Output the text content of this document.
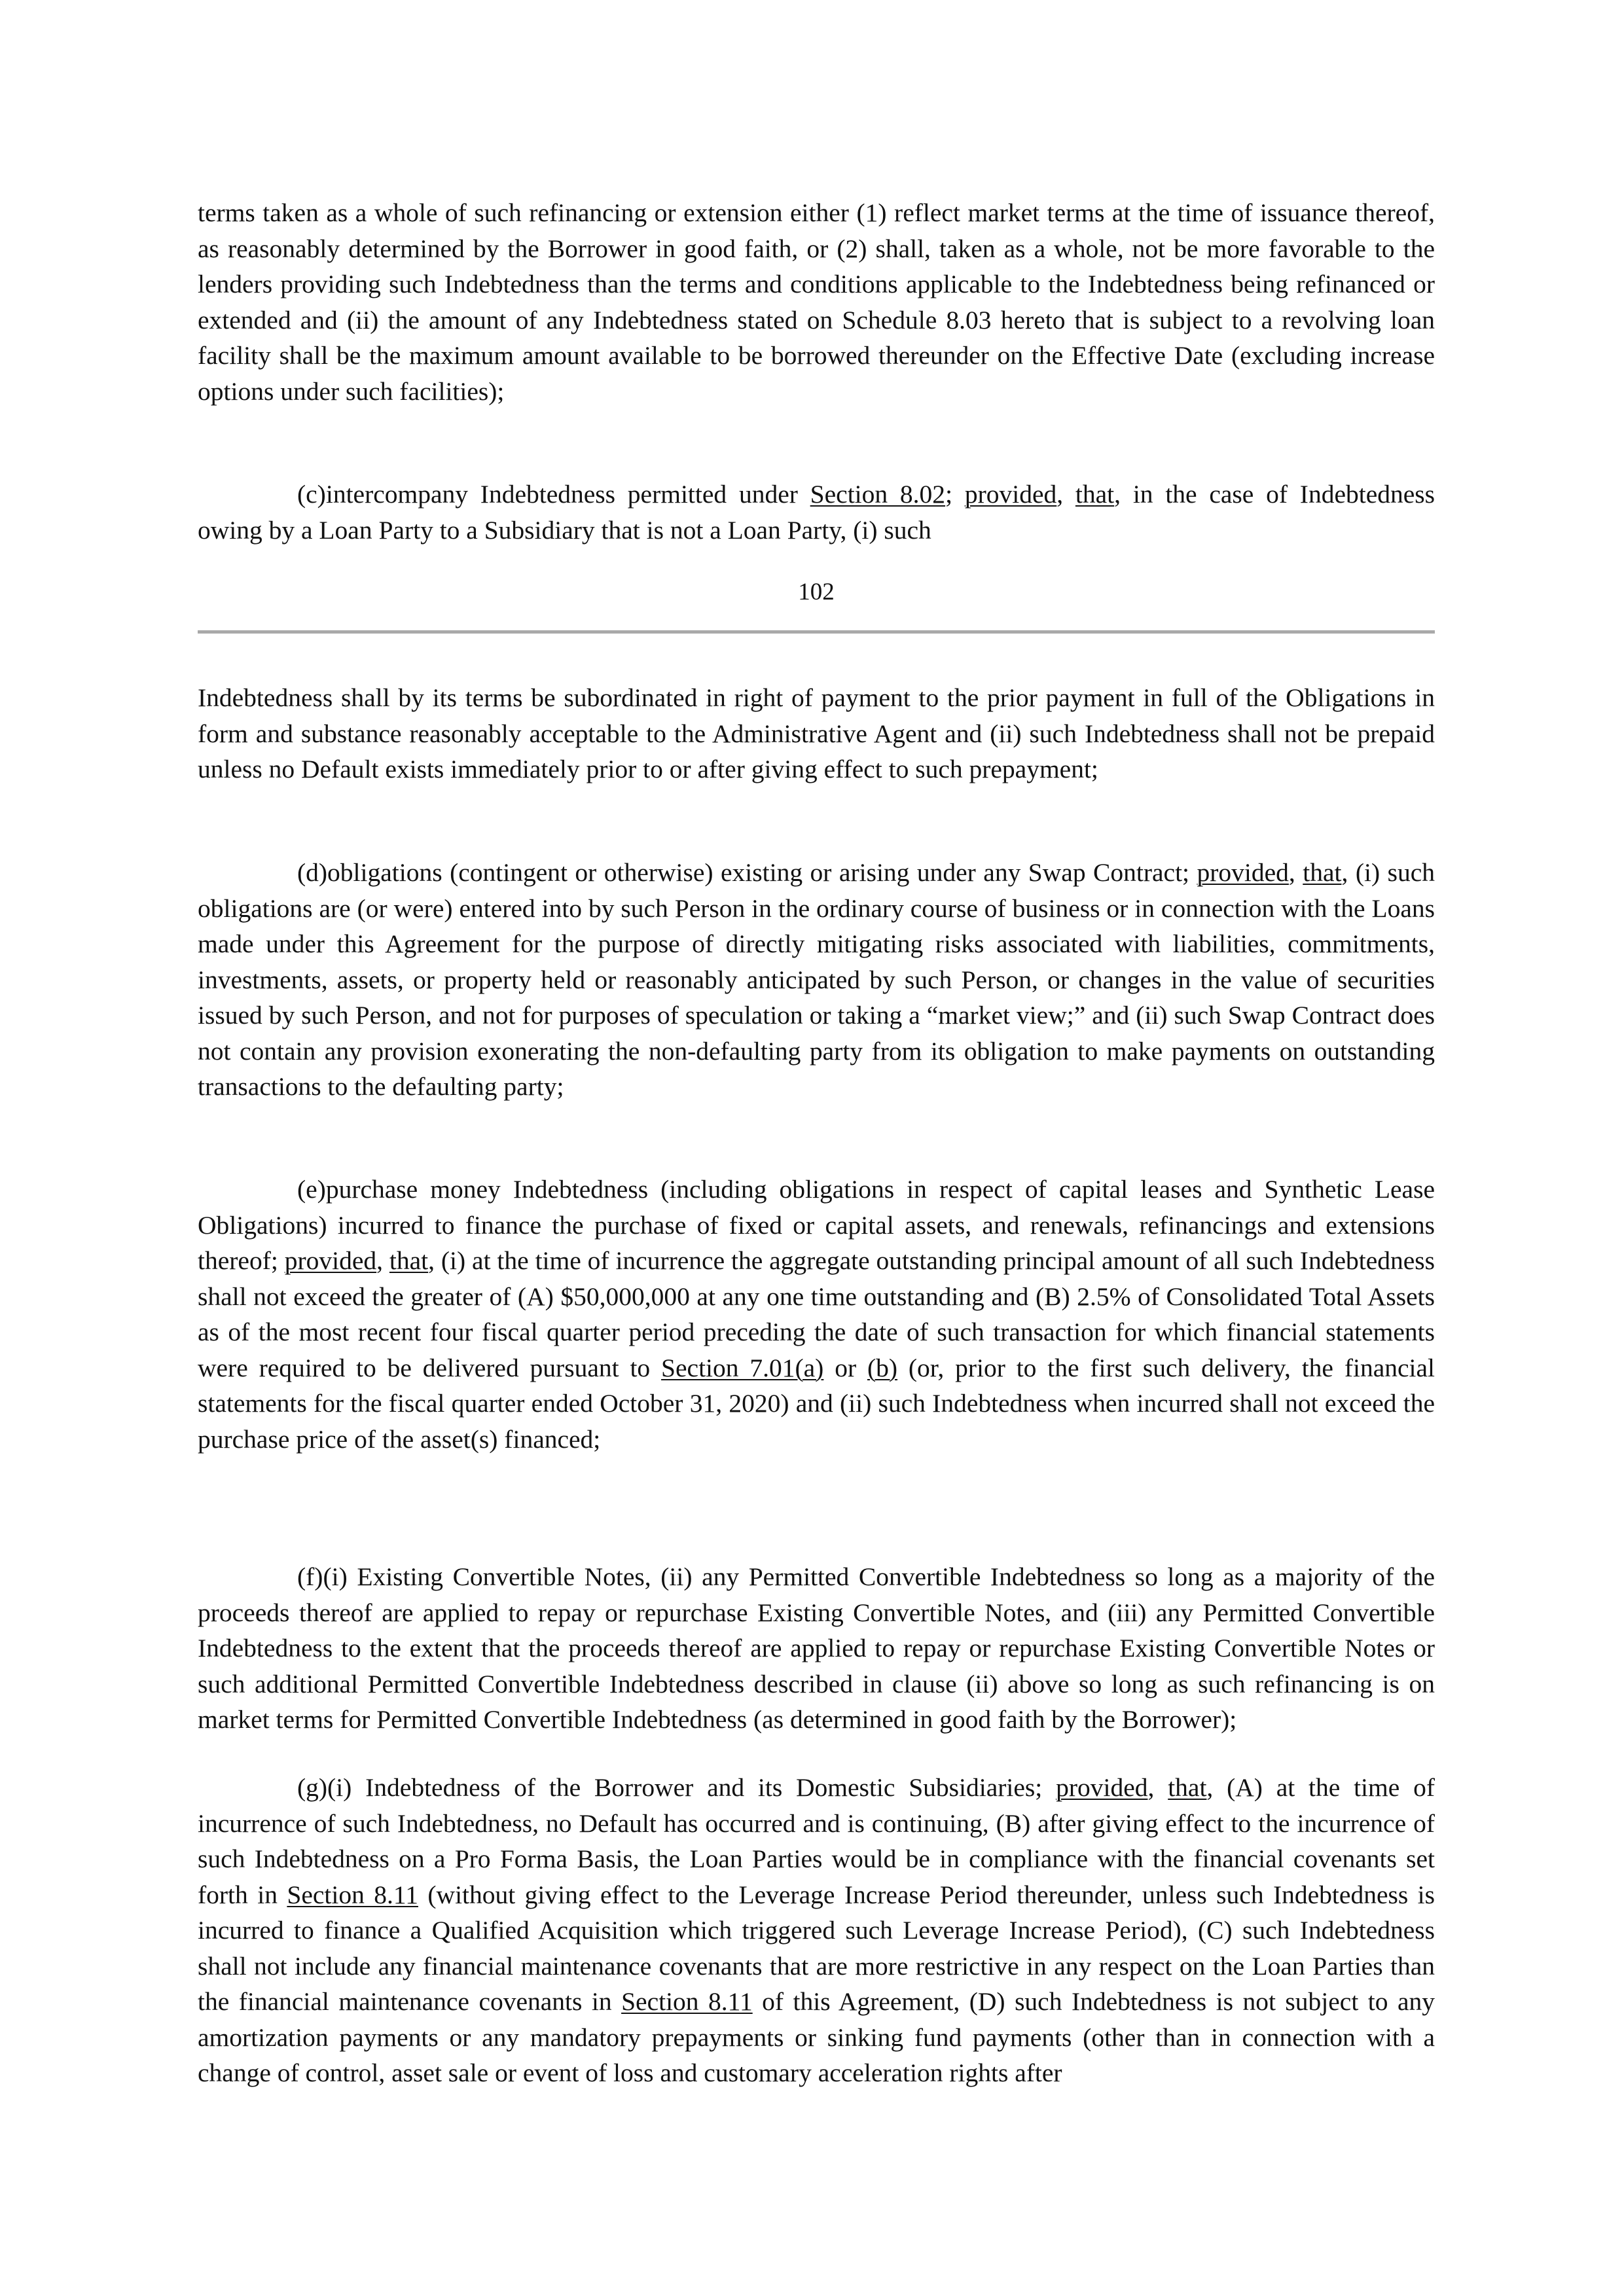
terms taken as a whole of such refinancing or extension either (1) reflect market terms at the time of issuance thereof, as reasonably determined by the Borrower in good faith, or (2) shall, taken as a whole, not be more favorable to the lenders providing such Indebtedness than the terms and conditions applicable to the Indebtedness being refinanced or extended and (ii) the amount of any Indebtedness stated on Schedule 8.03 hereto that is subject to a revolving loan facility shall be the maximum amount available to be borrowed thereunder on the Effective Date (excluding increase options under such facilities);

(c)intercompany Indebtedness permitted under Section 8.02; provided, that, in the case of Indebtedness owing by a Loan Party to a Subsidiary that is not a Loan Party, (i) such

102

Indebtedness shall by its terms be subordinated in right of payment to the prior payment in full of the Obligations in form and substance reasonably acceptable to the Administrative Agent and (ii) such Indebtedness shall not be prepaid unless no Default exists immediately prior to or after giving effect to such prepayment;

(d)obligations (contingent or otherwise) existing or arising under any Swap Contract; provided, that, (i) such obligations are (or were) entered into by such Person in the ordinary course of business or in connection with the Loans made under this Agreement for the purpose of directly mitigating risks associated with liabilities, commitments, investments, assets, or property held or reasonably anticipated by such Person, or changes in the value of securities issued by such Person, and not for purposes of speculation or taking a “market view;” and (ii) such Swap Contract does not contain any provision exonerating the non-defaulting party from its obligation to make payments on outstanding transactions to the defaulting party;

(e)purchase money Indebtedness (including obligations in respect of capital leases and Synthetic Lease Obligations) incurred to finance the purchase of fixed or capital assets, and renewals, refinancings and extensions thereof; provided, that, (i) at the time of incurrence the aggregate outstanding principal amount of all such Indebtedness shall not exceed the greater of (A) $50,000,000 at any one time outstanding and (B) 2.5% of Consolidated Total Assets as of the most recent four fiscal quarter period preceding the date of such transaction for which financial statements were required to be delivered pursuant to Section 7.01(a) or (b) (or, prior to the first such delivery, the financial statements for the fiscal quarter ended October 31, 2020) and (ii) such Indebtedness when incurred shall not exceed the purchase price of the asset(s) financed;

(f)(i) Existing Convertible Notes, (ii) any Permitted Convertible Indebtedness so long as a majority of the proceeds thereof are applied to repay or repurchase Existing Convertible Notes, and (iii) any Permitted Convertible Indebtedness to the extent that the proceeds thereof are applied to repay or repurchase Existing Convertible Notes or such additional Permitted Convertible Indebtedness described in clause (ii) above so long as such refinancing is on market terms for Permitted Convertible Indebtedness (as determined in good faith by the Borrower);

(g)(i) Indebtedness of the Borrower and its Domestic Subsidiaries; provided, that, (A) at the time of incurrence of such Indebtedness, no Default has occurred and is continuing, (B) after giving effect to the incurrence of such Indebtedness on a Pro Forma Basis, the Loan Parties would be in compliance with the financial covenants set forth in Section 8.11 (without giving effect to the Leverage Increase Period thereunder, unless such Indebtedness is incurred to finance a Qualified Acquisition which triggered such Leverage Increase Period), (C) such Indebtedness shall not include any financial maintenance covenants that are more restrictive in any respect on the Loan Parties than the financial maintenance covenants in Section 8.11 of this Agreement, (D) such Indebtedness is not subject to any amortization payments or any mandatory prepayments or sinking fund payments (other than in connection with a change of control, asset sale or event of loss and customary acceleration rights after
